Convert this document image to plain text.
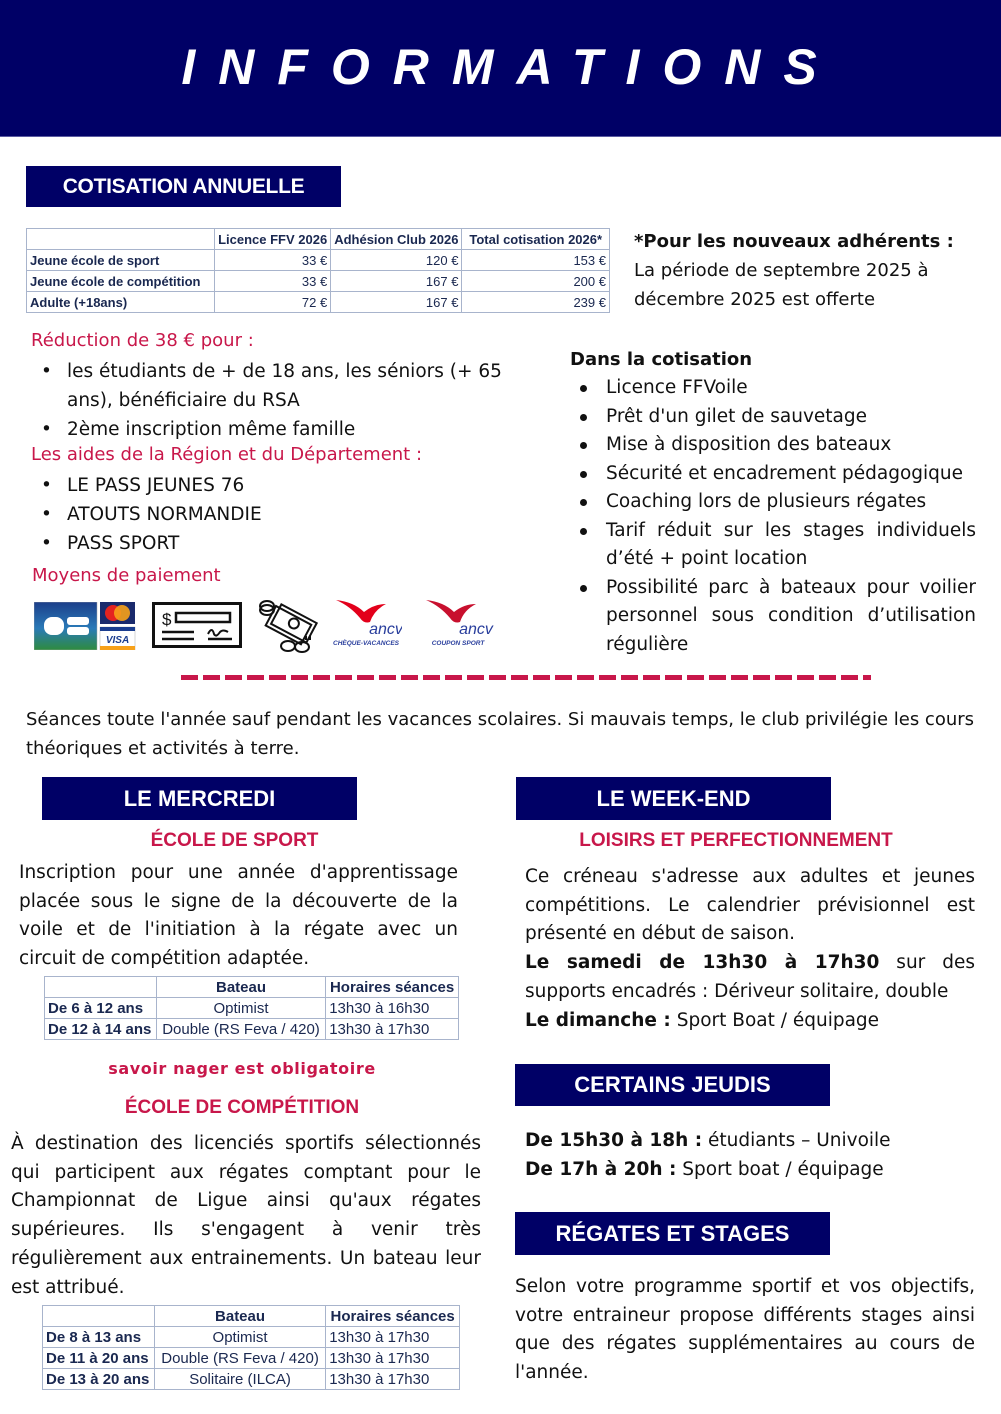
INFORMATIONS
COTISATION ANNUELLE
	Licence FFV 2026	Adhésion Club 2026	Total cotisation 2026*
Jeune école de sport	33 €	120 €	153 €
Jeune école de compétition	33 €	167 €	200 €
Adulte (+18ans)	72 €	167 €	239 €
*Pour les nouveaux adhérents :
La période de septembre 2025 à décembre 2025 est offerte
Réduction de 38 € pour :
• les étudiants de + de 18 ans, les séniors (+ 65 ans), bénéficiaire du RSA
• 2ème inscription même famille
Les aides de la Région et du Département :
• LE PASS JEUNES 76
• ATOUTS NORMANDIE
• PASS SPORT
Moyens de paiement
VISA
$
ancv
CHÈQUE-VACANCES
ancv
COUPON SPORT
Dans la cotisation
Licence FFVoile
Prêt d'un gilet de sauvetage
Mise à disposition des bateaux
Sécurité et encadrement pédagogique
Coaching lors de plusieurs régates
Tarif réduit sur les stages individuels d’été + point location
Possibilité parc à bateaux pour voilier personnel sous condition d’utilisation régulière
Séances toute l'année sauf pendant les vacances scolaires. Si mauvais temps, le club privilégie les cours théoriques et activités à terre.
LE MERCREDI
ÉCOLE DE SPORT
Inscription pour une année d'apprentissage placée sous le signe de la découverte de la voile et de l'initiation à la régate avec un circuit de compétition adaptée.
	Bateau	Horaires séances
De 6 à 12 ans	Optimist	13h30 à 16h30
De 12 à 14 ans	Double (RS Feva / 420)	13h30 à 17h30
savoir nager est obligatoire
ÉCOLE DE COMPÉTITION
À destination des licenciés sportifs sélectionnés qui participent aux régates comptant pour le Championnat de Ligue ainsi qu'aux régates supérieures. Ils s'engagent à venir très régulièrement aux entrainements. Un bateau leur est attribué.
	Bateau	Horaires séances
De 8 à 13 ans	Optimist	13h30 à 17h30
De 11 à 20 ans	Double (RS Feva / 420)	13h30 à 17h30
De 13 à 20 ans	Solitaire (ILCA)	13h30 à 17h30
LE WEEK-END
LOISIRS ET PERFECTIONNEMENT
Ce créneau s'adresse aux adultes et jeunes compétitions. Le calendrier prévisionnel est présenté en début de saison.
Le samedi de 13h30 à 17h30 sur des supports encadrés : Dériveur solitaire, double
Le dimanche : Sport Boat / équipage
CERTAINS JEUDIS
De 15h30 à 18h : étudiants – Univoile
De 17h à 20h : Sport boat / équipage
RÉGATES ET STAGES
Selon votre programme sportif et vos objectifs, votre entraineur propose différents stages ainsi que des régates supplémentaires au cours de l'année.
